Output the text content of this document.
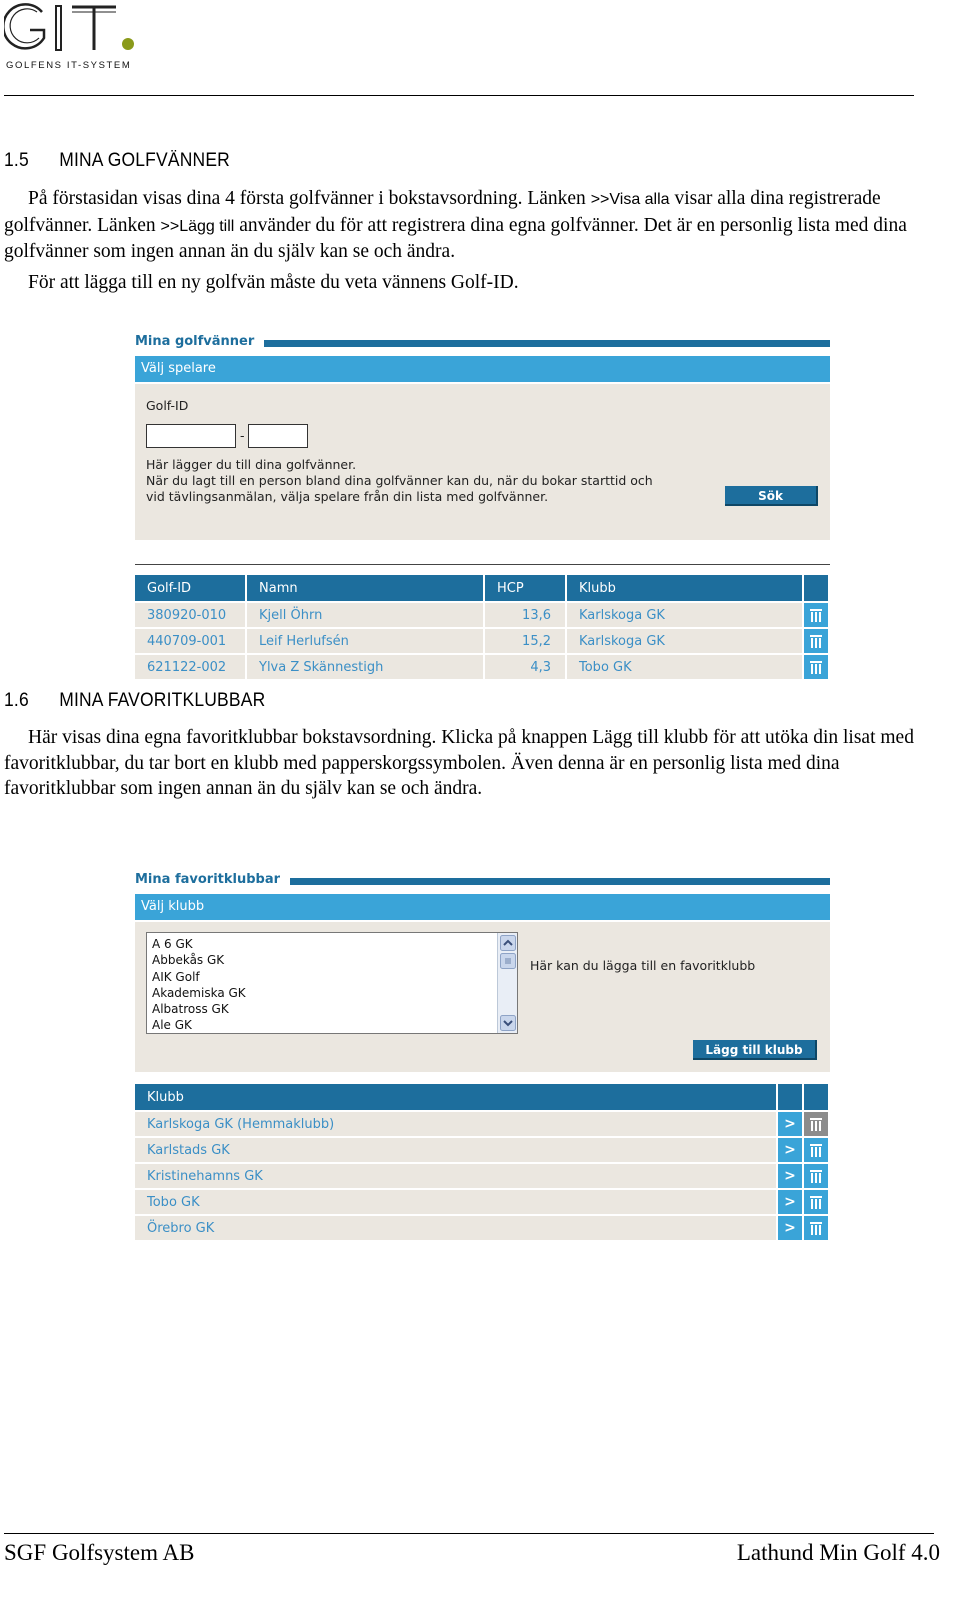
GOLFENS IT-SYSTEM
1.5 MINA GOLFVÄNNER

På förstasidan visas dina 4 första golfvänner i bokstavsordning. Länken >>Visa alla visar alla dina registrerade golfvänner. Länken >>Lägg till använder du för att registrera dina egna golfvänner. Det är en personlig lista med dina golfvänner som ingen annan än du själv kan se och ändra.

För att lägga till en ny golfvän måste du veta vännens Golf-ID.

Mina golfvänner
Välj spelare
Golf-ID
-
Här lägger du till dina golfvänner.
När du lagt till en person bland dina golfvänner kan du, när du bokar starttid och vid tävlingsanmälan, välja spelare från din lista med golfvänner.	Sök
Golf-ID	Namn	HCP	Klubb	
380920-010	Kjell Öhrn	13,6	Karlskoga GK	
440709-001	Leif Herlufsén	15,2	Karlskoga GK	
621122-002	Ylva Z Skännestigh	4,3	Tobo GK	
1.6 MINA FAVORITKLUBBAR

Här visas dina egna favoritklubbar bokstavsordning. Klicka på knappen Lägg till klubb för att utöka din lisat med favoritklubbar, du tar bort en klubb med papperskorgssymbolen. Även denna är en personlig lista med dina favoritklubbar som ingen annan än du själv kan se och ändra.

Mina favoritklubbar
Välj klubb
A 6 GK
Abbekås GK
AIK Golf
Akademiska GK
Albatross GK
Ale GK
Här kan du lägga till en favoritklubb
Lägg till klubb
Klubb		
Karlskoga GK (Hemmaklubb)	>	
Karlstads GK	>	
Kristinehamns GK	>	
Tobo GK	>	
Örebro GK	>	
SGF Golfsystem AB	Lathund Min Golf 4.0
